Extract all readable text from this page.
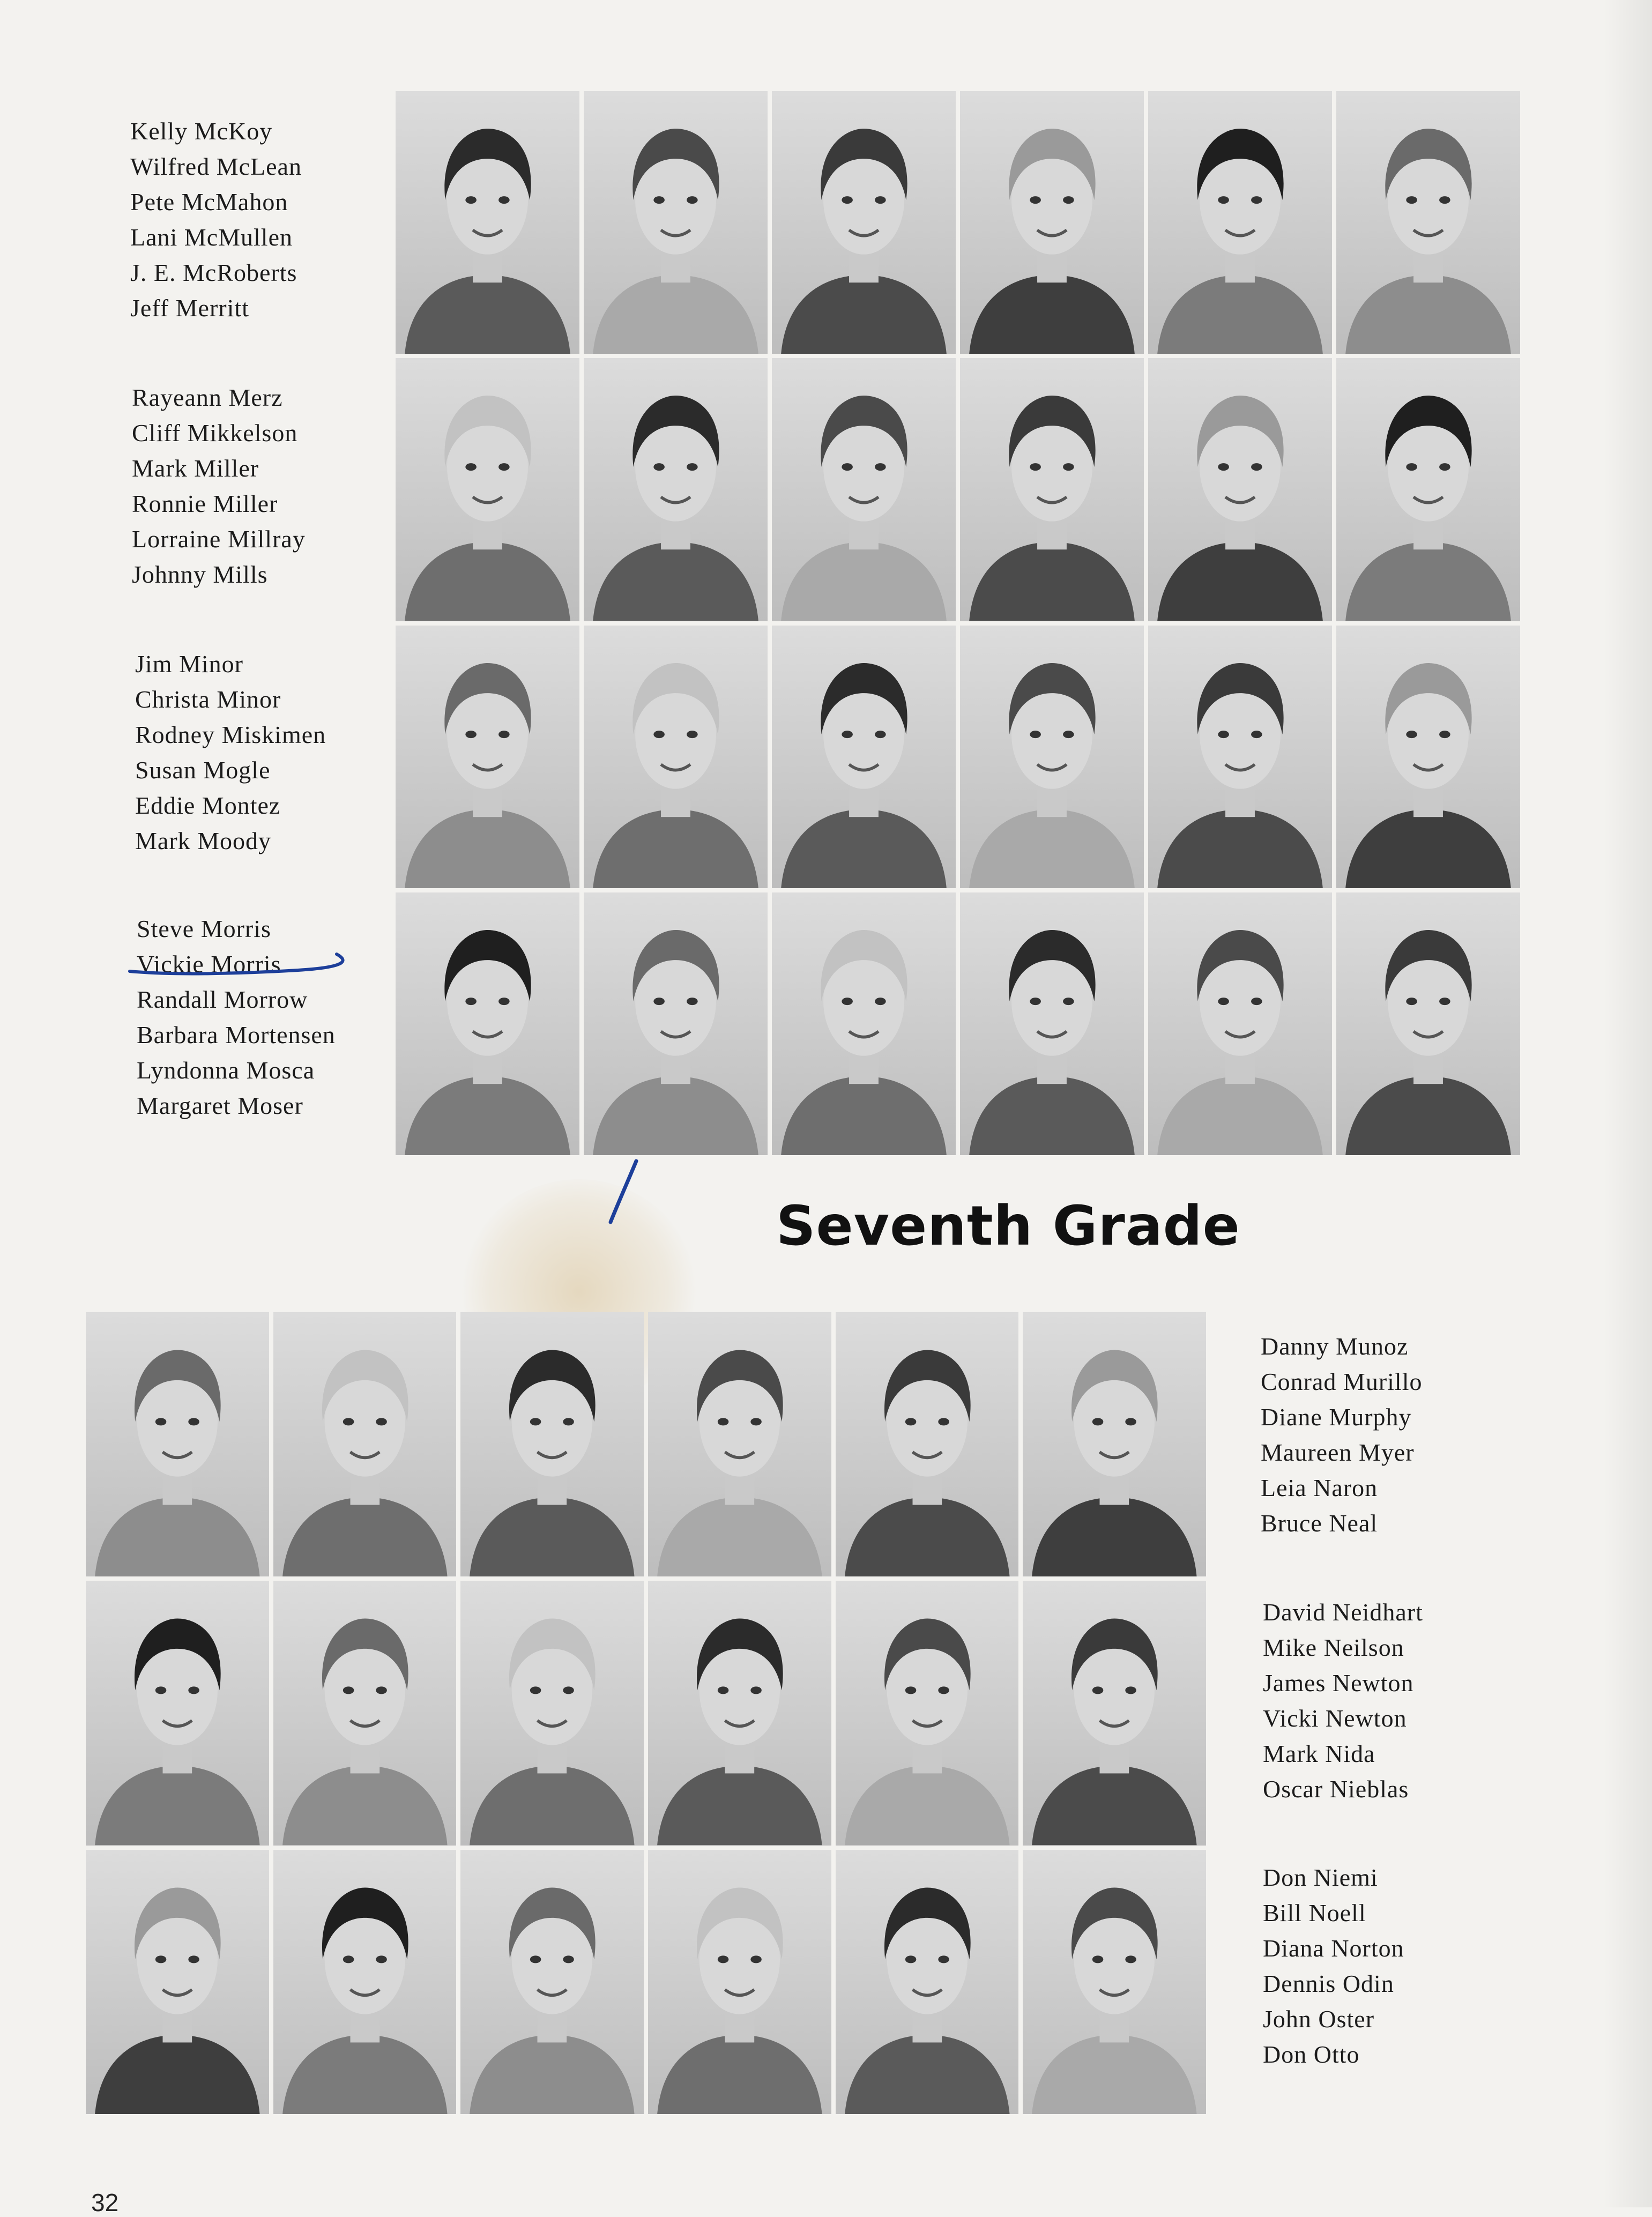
Kelly McKoy
Wilfred McLean
Pete McMahon
Lani McMullen
J. E. McRoberts
Jeff Merritt
Rayeann Merz
Cliff Mikkelson
Mark Miller
Ronnie Miller
Lorraine Millray
Johnny Mills
Jim Minor
Christa Minor
Rodney Miskimen
Susan Mogle
Eddie Montez
Mark Moody
Steve Morris
Vickie Morris
Randall Morrow
Barbara Mortensen
Lyndonna Mosca
Margaret Moser
Seventh Grade
Danny Munoz
Conrad Murillo
Diane Murphy
Maureen Myer
Leia Naron
Bruce Neal
David Neidhart
Mike Neilson
James Newton
Vicki Newton
Mark Nida
Oscar Nieblas
Don Niemi
Bill Noell
Diana Norton
Dennis Odin
John Oster
Don Otto
32
